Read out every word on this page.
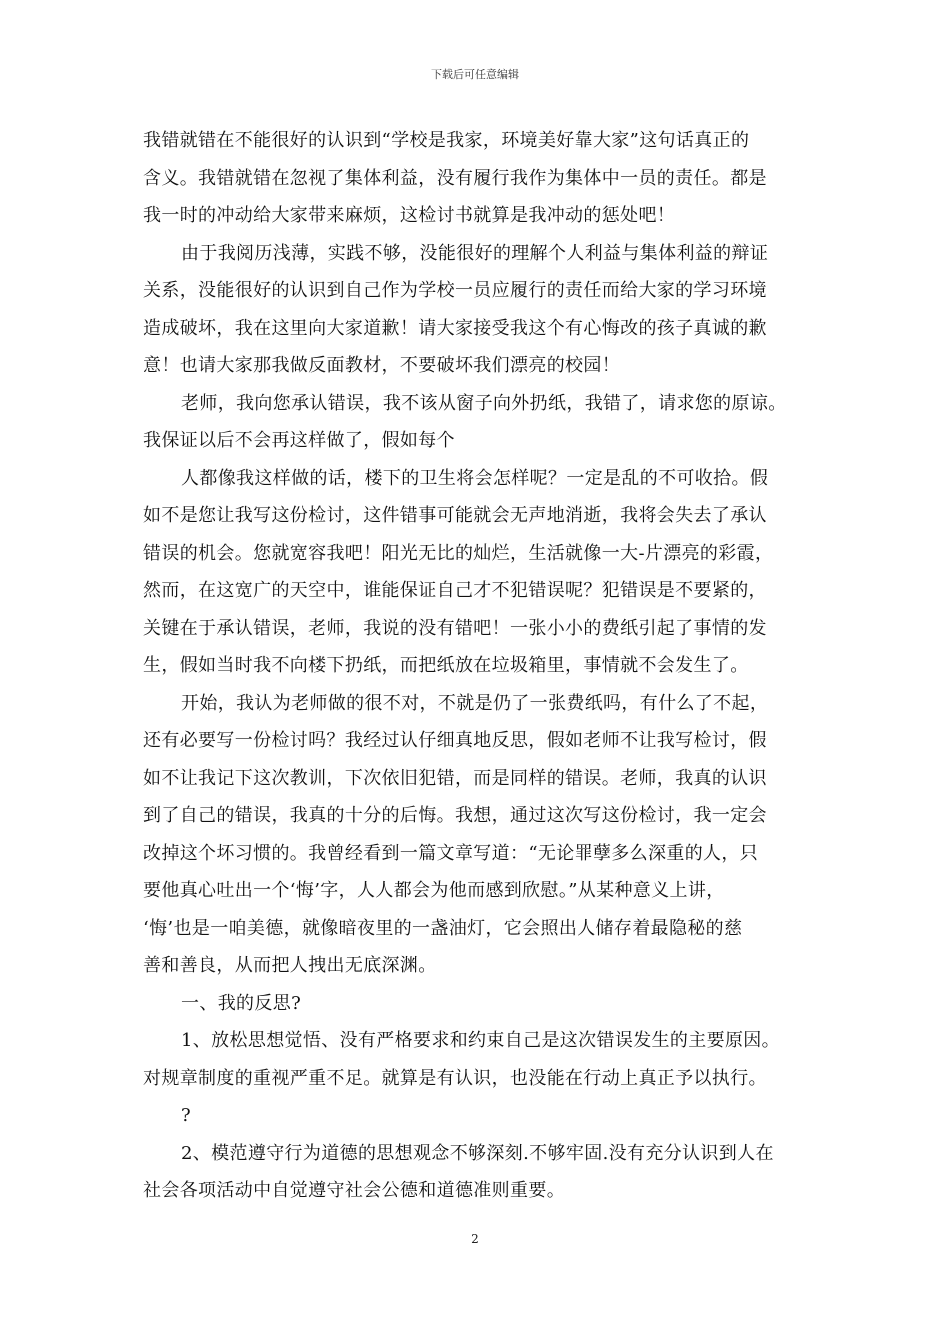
下载后可任意编辑
我错就错在不能很好的认识到“学校是我家，环境美好靠大家”这句话真正的
含义。我错就错在忽视了集体利益，没有履行我作为集体中一员的责任。都是
我一时的冲动给大家带来麻烦，这检讨书就算是我冲动的惩处吧！
由于我阅历浅薄，实践不够，没能很好的理解个人利益与集体利益的辩证
关系，没能很好的认识到自己作为学校一员应履行的责任而给大家的学习环境
造成破坏，我在这里向大家道歉！请大家接受我这个有心悔改的孩子真诚的歉
意！也请大家那我做反面教材，不要破坏我们漂亮的校园！
老师，我向您承认错误，我不该从窗子向外扔纸，我错了，请求您的原谅。
我保证以后不会再这样做了，假如每个
人都像我这样做的话，楼下的卫生将会怎样呢？一定是乱的不可收拾。假
如不是您让我写这份检讨，这件错事可能就会无声地消逝，我将会失去了承认
错误的机会。您就宽容我吧！阳光无比的灿烂，生活就像一大-片漂亮的彩霞，
然而，在这宽广的天空中，谁能保证自己才不犯错误呢？犯错误是不要紧的，
关键在于承认错误，老师，我说的没有错吧！一张小小的费纸引起了事情的发
生，假如当时我不向楼下扔纸，而把纸放在垃圾箱里，事情就不会发生了。
开始，我认为老师做的很不对，不就是仍了一张费纸吗，有什么了不起，
还有必要写一份检讨吗？我经过认仔细真地反思，假如老师不让我写检讨，假
如不让我记下这次教训，下次依旧犯错，而是同样的错误。老师，我真的认识
到了自己的错误，我真的十分的后悔。我想，通过这次写这份检讨，我一定会
改掉这个坏习惯的。我曾经看到一篇文章写道：“无论罪孽多么深重的人，只
要他真心吐出一个‘悔’字，人人都会为他而感到欣慰。”从某种意义上讲，
‘悔’也是一咱美德，就像暗夜里的一盏油灯，它会照出人储存着最隐秘的慈
善和善良，从而把人拽出无底深渊。
一、我的反思?
1、放松思想觉悟、没有严格要求和约束自己是这次错误发生的主要原因。
对规章制度的重视严重不足。就算是有认识，也没能在行动上真正予以执行。
?
2、模范遵守行为道德的思想观念不够深刻.不够牢固.没有充分认识到人在
社会各项活动中自觉遵守社会公德和道德准则重要。
2
